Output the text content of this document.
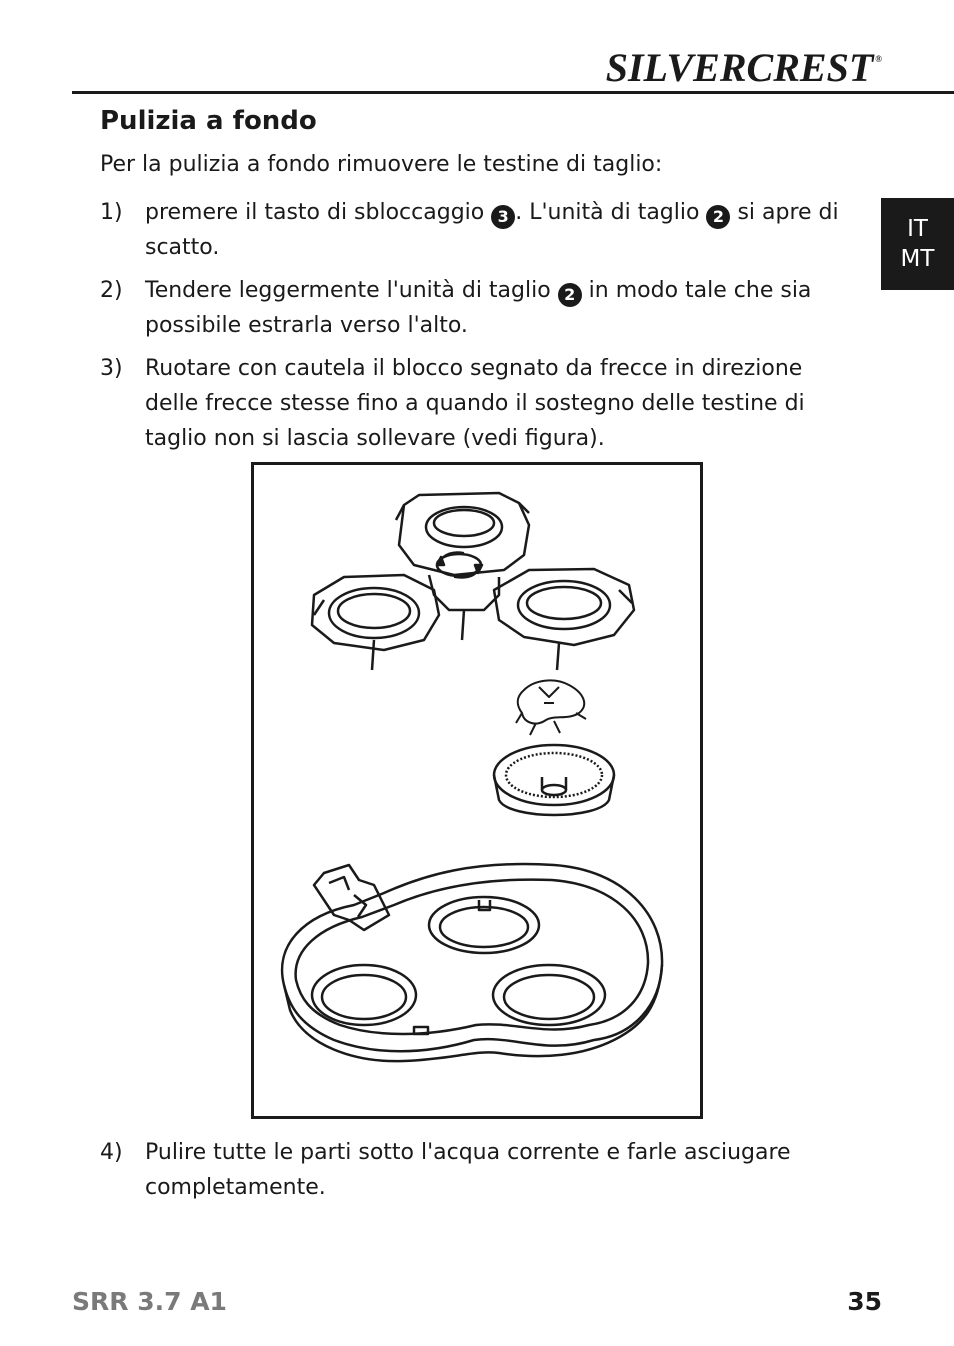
SILVERCREST ®
IT
MT
Pulizia a fondo

Per la pulizia a fondo rimuovere le testine di taglio:

1) premere il tasto di sbloccaggio 3 . L'unità di taglio 2 si apre di scatto.
2) Tendere leggermente l'unità di taglio 2 in modo tale che sia possibile estrarla verso l'alto.
3) Ruotare con cautela il blocco segnato da frecce in direzione delle frecce stesse fino a quando il sostegno delle testine di taglio non si lascia sollevare (vedi figura).
4) Pulire tutte le parti sotto l'acqua corrente e farle asciugare completamente.
SRR 3.7 A1	35
